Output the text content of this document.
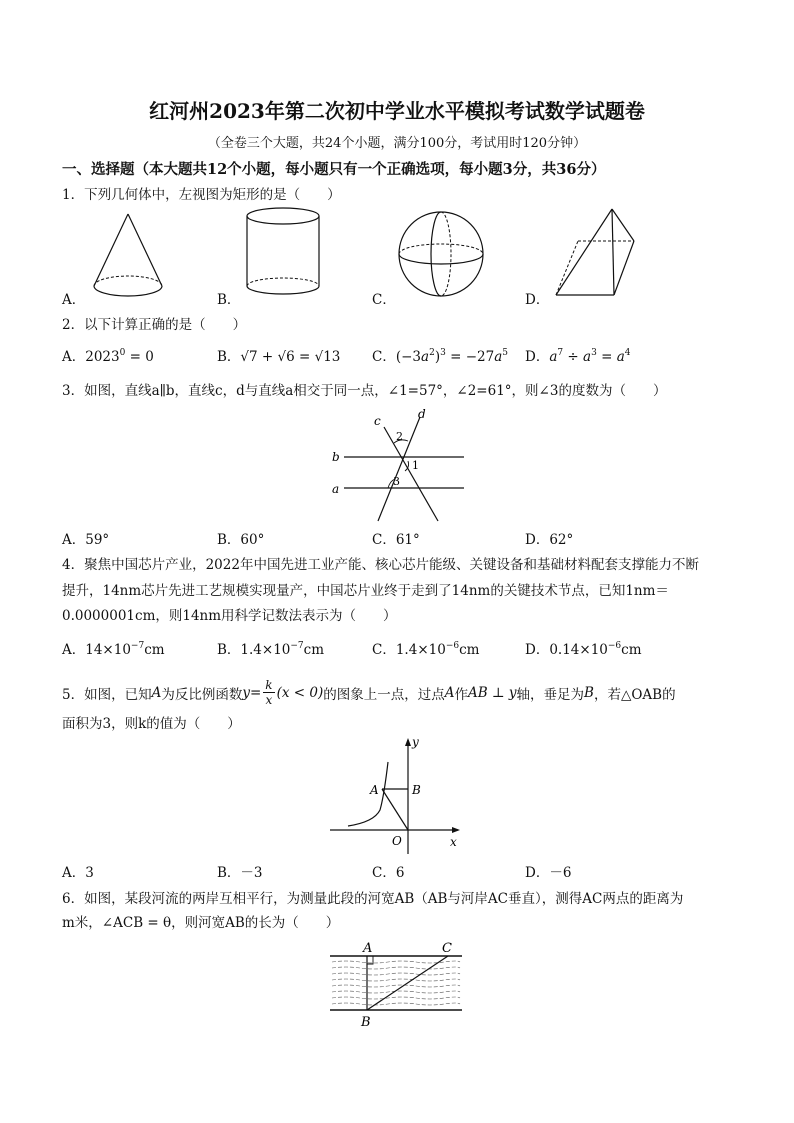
红河州2023年第二次初中学业水平模拟考试数学试题卷
（全卷三个大题，共24个小题，满分100分，考试用时120分钟）
一、选择题（本大题共12个小题，每小题只有一个正确选项，每小题3分，共36分）
1．下列几何体中，左视图为矩形的是（　　）
A．	B．	C．	D．
2．以下计算正确的是（　　）
A．$2023^0 = 0$	B．√7 + √6 = √13 C．$(-3a^2)^3 = -27a^5$ D．$a^7 \div a^3 = a^4$
3．如图，直线a∥b，直线c，d与直线a相交于同一点，∠1=57°，∠2=61°，则∠3的度数为（　　）
c	d
b
a
2
1
3
A．59°	B．60°	C．61°	D．62°
4．聚焦中国芯片产业，2022年中国先进工业产能、核心芯片能级、关键设备和基础材料配套支撑能力不断
提升，14nm芯片先进工艺规模实现量产，中国芯片业终于走到了14nm的关键技术节点，已知1nm＝
0.0000001cm，则14nm用科学记数法表示为（　　）
A．$14\times 10^{-7}cm$	B．$1.4\times 10^{-7}cm$	C．$1.4\times 10^{-6}cm$	D．$0.14\times 10^{-6}cm$
5．如图，已知 A 为反比例函数 $y = \frac{k}{x} (x < 0)$ 的图象上一点，过点 A 作 AB ⊥ y 轴，垂足为 B ，若△OAB的
面积为3，则k的值为（　　）
y
x
A	B
O
A．3	B．－3	C．6	D．－6
6．如图，某段河流的两岸互相平行，为测量此段的河宽AB（AB与河岸AC垂直），测得AC两点的距离为
m米，∠ACB = θ，则河宽AB的长为（　　）
A	C
B
